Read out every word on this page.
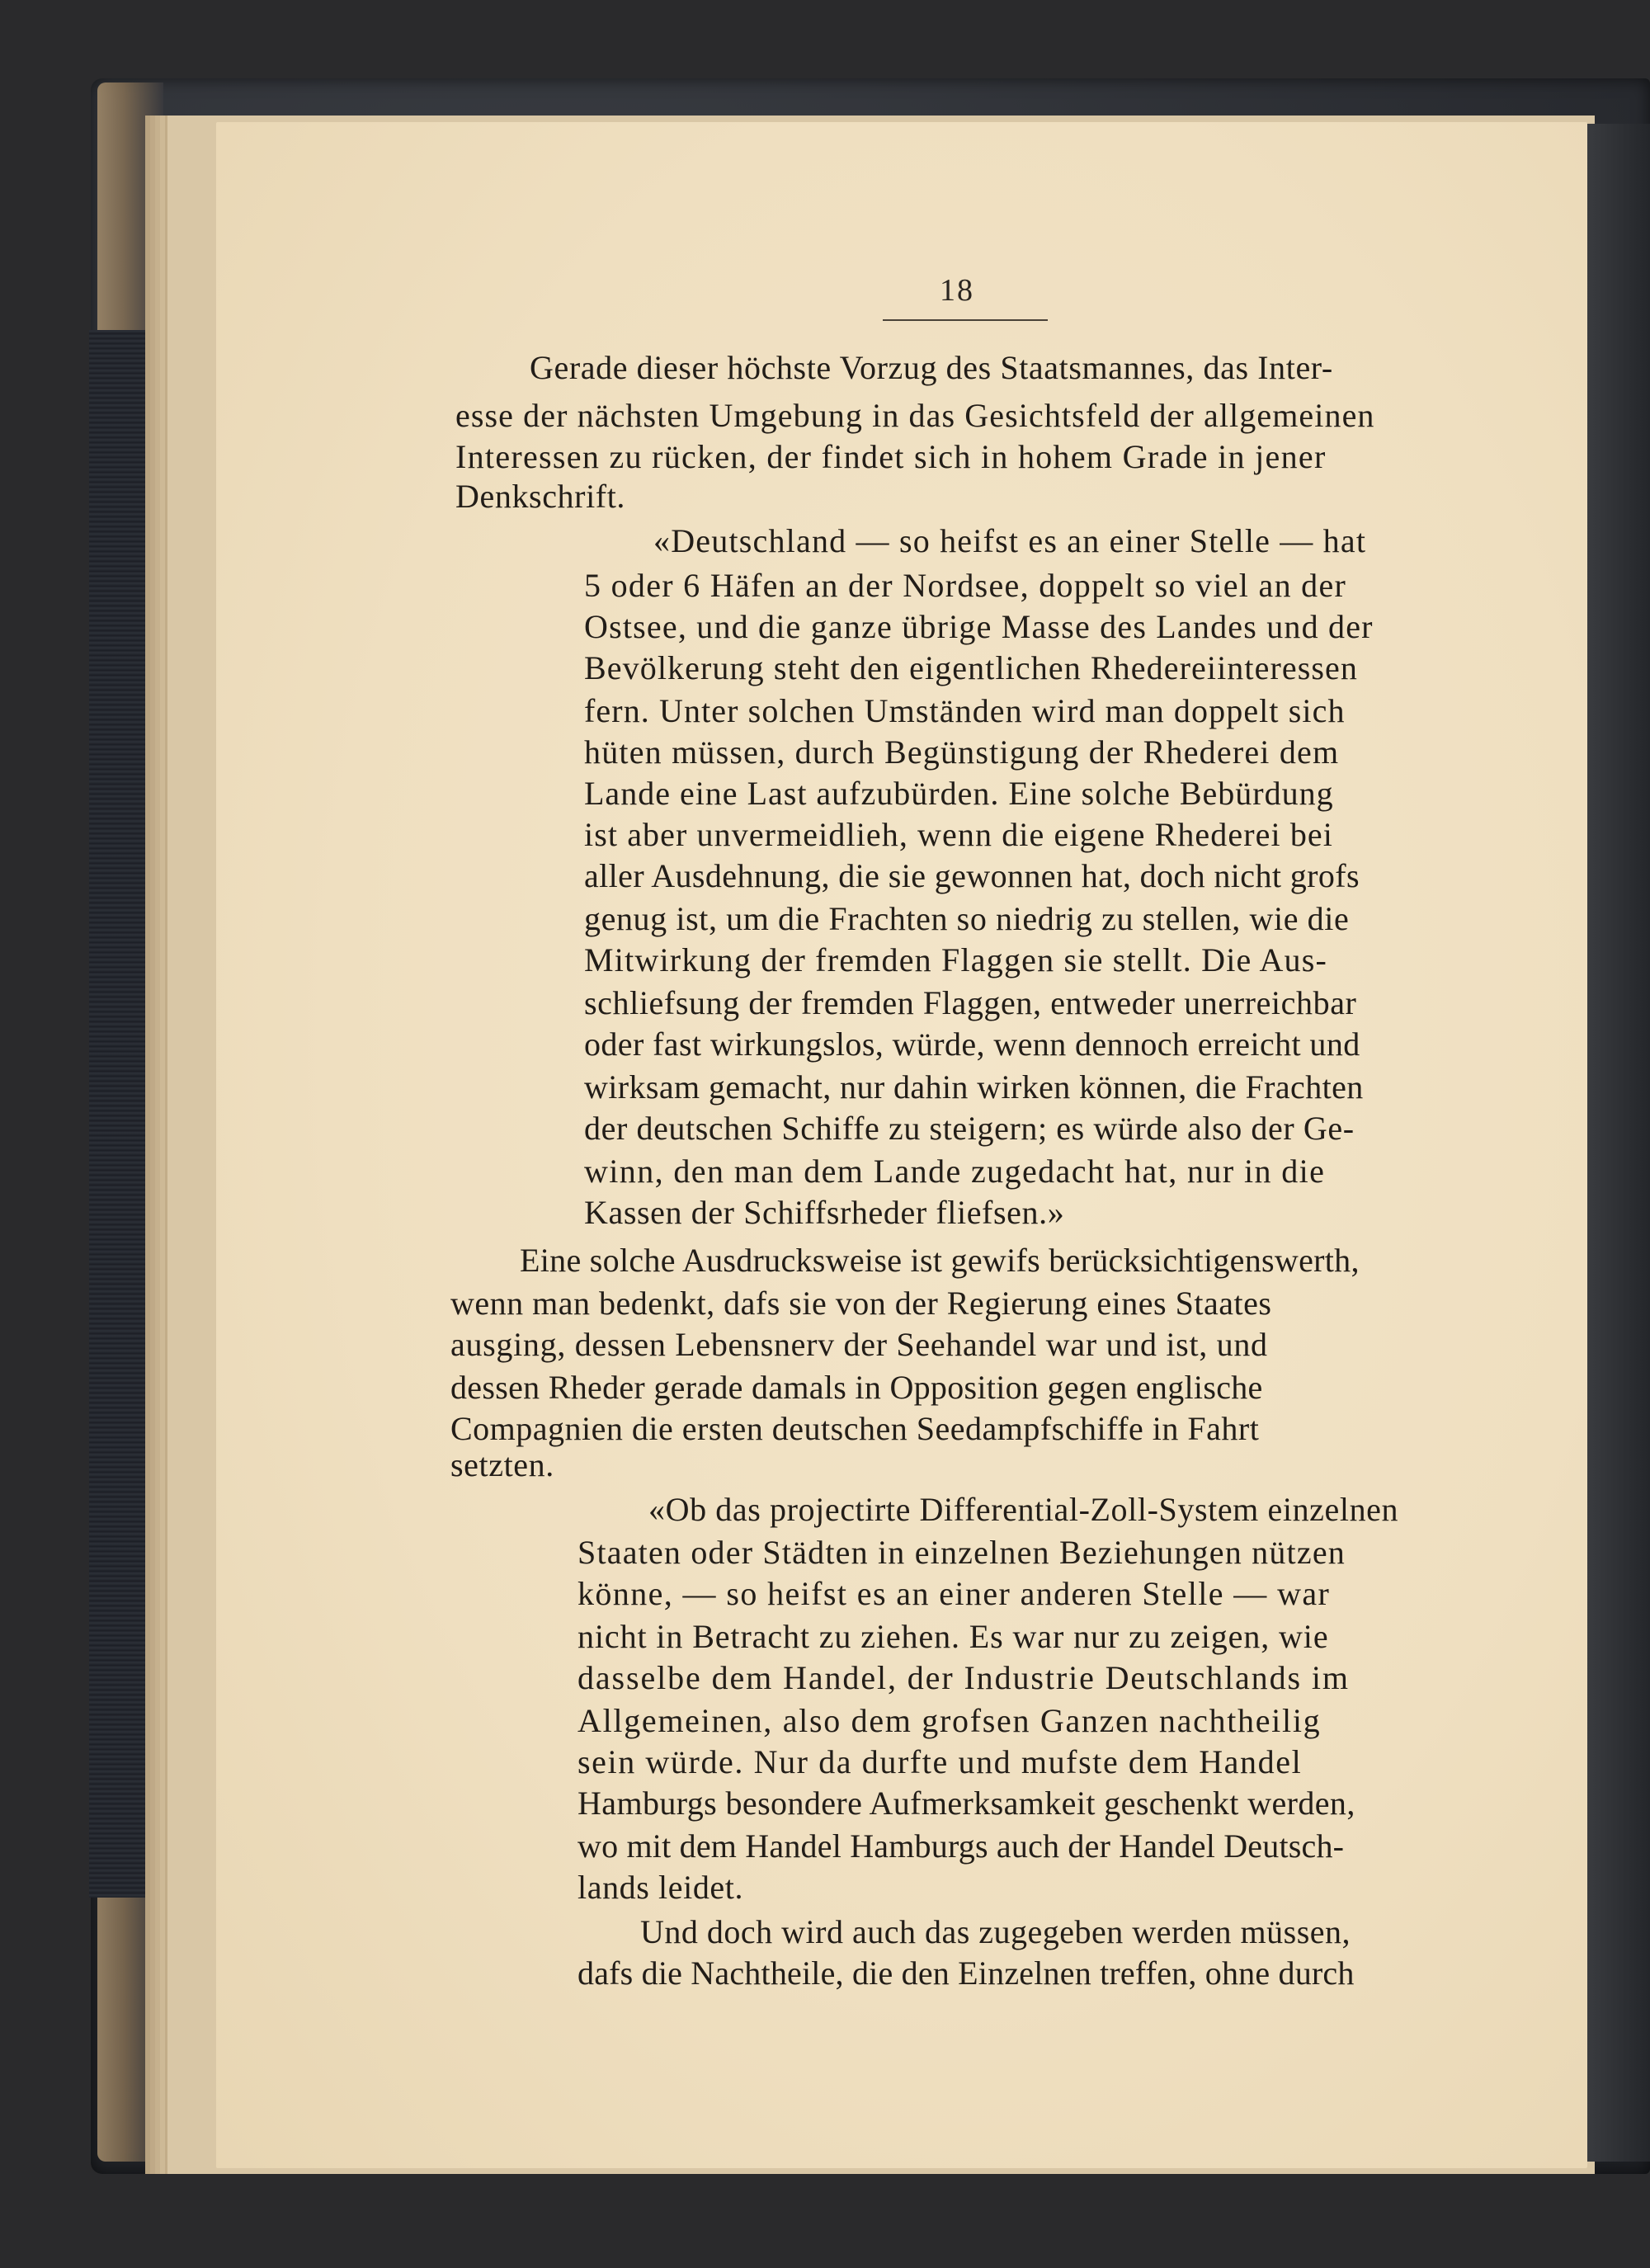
18
Gerade dieser höchste Vorzug des Staatsmannes, das Inter-
esse der nächsten Umgebung in das Gesichtsfeld der allgemeinen
Interessen zu rücken, der findet sich in hohem Grade in jener
Denkschrift.
«Deutschland — so heifst es an einer Stelle — hat
5 oder 6 Häfen an der Nordsee, doppelt so viel an der
Ostsee, und die ganze übrige Masse des Landes und der
Bevölkerung steht den eigentlichen Rhedereiinteressen
fern. Unter solchen Umständen wird man doppelt sich
hüten müssen, durch Begünstigung der Rhederei dem
Lande eine Last aufzubürden. Eine solche Bebürdung
ist aber unvermeidlieh, wenn die eigene Rhederei bei
aller Ausdehnung, die sie gewonnen hat, doch nicht grofs
genug ist, um die Frachten so niedrig zu stellen, wie die
Mitwirkung der fremden Flaggen sie stellt. Die Aus-
schliefsung der fremden Flaggen, entweder unerreichbar
oder fast wirkungslos, würde, wenn dennoch erreicht und
wirksam gemacht, nur dahin wirken können, die Frachten
der deutschen Schiffe zu steigern; es würde also der Ge-
winn, den man dem Lande zugedacht hat, nur in die
Kassen der Schiffsrheder fliefsen.»
Eine solche Ausdrucksweise ist gewifs berücksichtigenswerth,
wenn man bedenkt, dafs sie von der Regierung eines Staates
ausging, dessen Lebensnerv der Seehandel war und ist, und
dessen Rheder gerade damals in Opposition gegen englische
Compagnien die ersten deutschen Seedampfschiffe in Fahrt
setzten.
«Ob das projectirte Differential-Zoll-System einzelnen
Staaten oder Städten in einzelnen Beziehungen nützen
könne, — so heifst es an einer anderen Stelle — war
nicht in Betracht zu ziehen. Es war nur zu zeigen, wie
dasselbe dem Handel, der Industrie Deutschlands im
Allgemeinen, also dem grofsen Ganzen nachtheilig
sein würde. Nur da durfte und mufste dem Handel
Hamburgs besondere Aufmerksamkeit geschenkt werden,
wo mit dem Handel Hamburgs auch der Handel Deutsch-
lands leidet.
Und doch wird auch das zugegeben werden müssen,
dafs die Nachtheile, die den Einzelnen treffen, ohne durch
